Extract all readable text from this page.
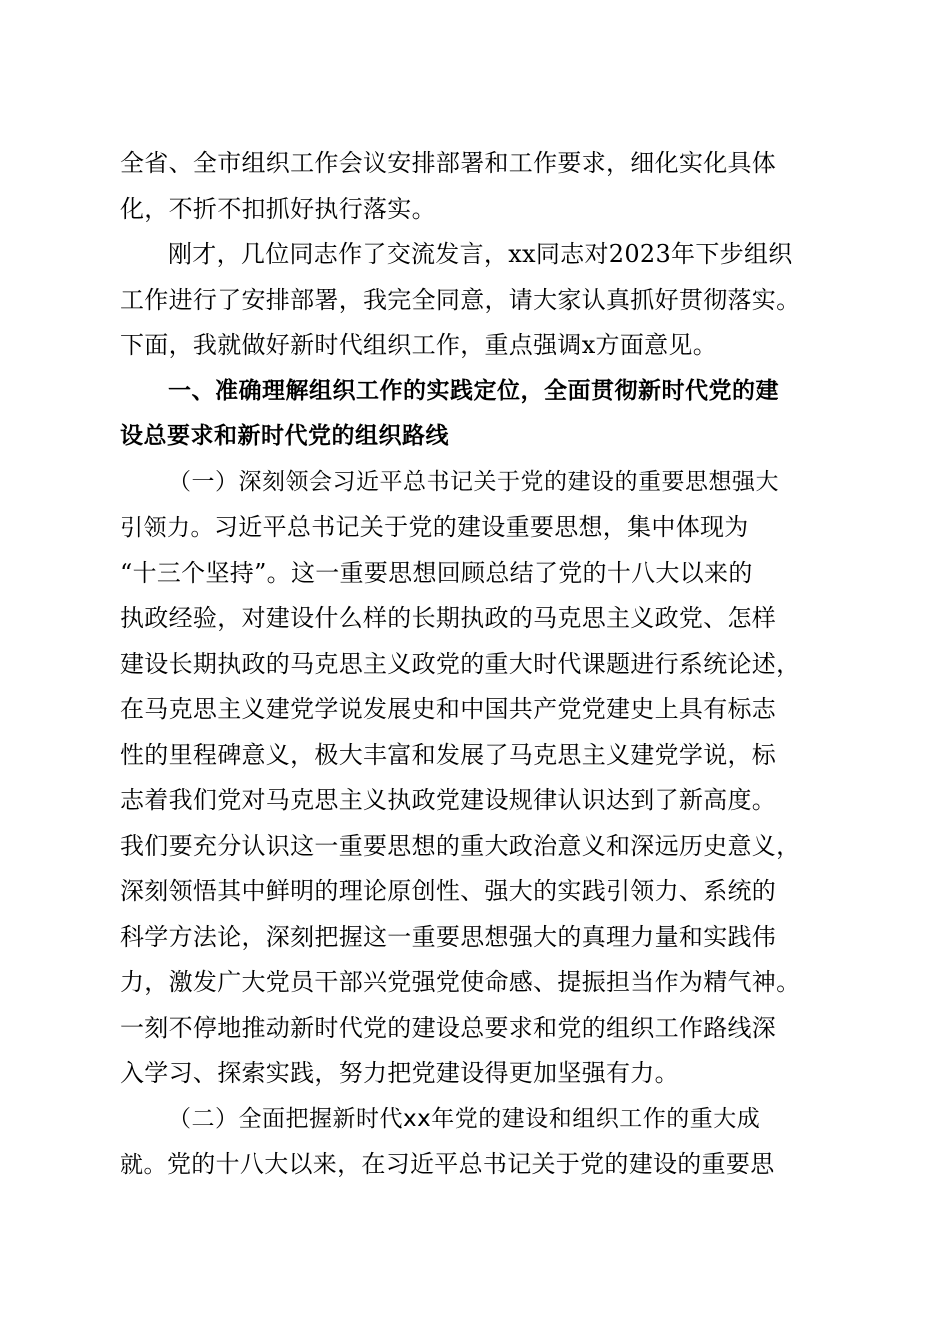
全省、全市组织工作会议安排部署和工作要求，细化实化具体
化，不折不扣抓好执行落实。
刚才，几位同志作了交流发言，xx同志对2023年下步组织
工作进行了安排部署，我完全同意，请大家认真抓好贯彻落实。
下面，我就做好新时代组织工作，重点强调x方面意见。
一、准确理解组织工作的实践定位，全面贯彻新时代党的建
设总要求和新时代党的组织路线
（一）深刻领会习近平总书记关于党的建设的重要思想强大
引领力。习近平总书记关于党的建设重要思想，集中体现为
“十三个坚持”。这一重要思想回顾总结了党的十八大以来的
执政经验，对建设什么样的长期执政的马克思主义政党、怎样
建设长期执政的马克思主义政党的重大时代课题进行系统论述，
在马克思主义建党学说发展史和中国共产党党建史上具有标志
性的里程碑意义，极大丰富和发展了马克思主义建党学说，标
志着我们党对马克思主义执政党建设规律认识达到了新高度。
我们要充分认识这一重要思想的重大政治意义和深远历史意义，
深刻领悟其中鲜明的理论原创性、强大的实践引领力、系统的
科学方法论，深刻把握这一重要思想强大的真理力量和实践伟
力，激发广大党员干部兴党强党使命感、提振担当作为精气神。
一刻不停地推动新时代党的建设总要求和党的组织工作路线深
入学习、探索实践，努力把党建设得更加坚强有力。
（二）全面把握新时代xx年党的建设和组织工作的重大成
就。党的十八大以来，在习近平总书记关于党的建设的重要思
